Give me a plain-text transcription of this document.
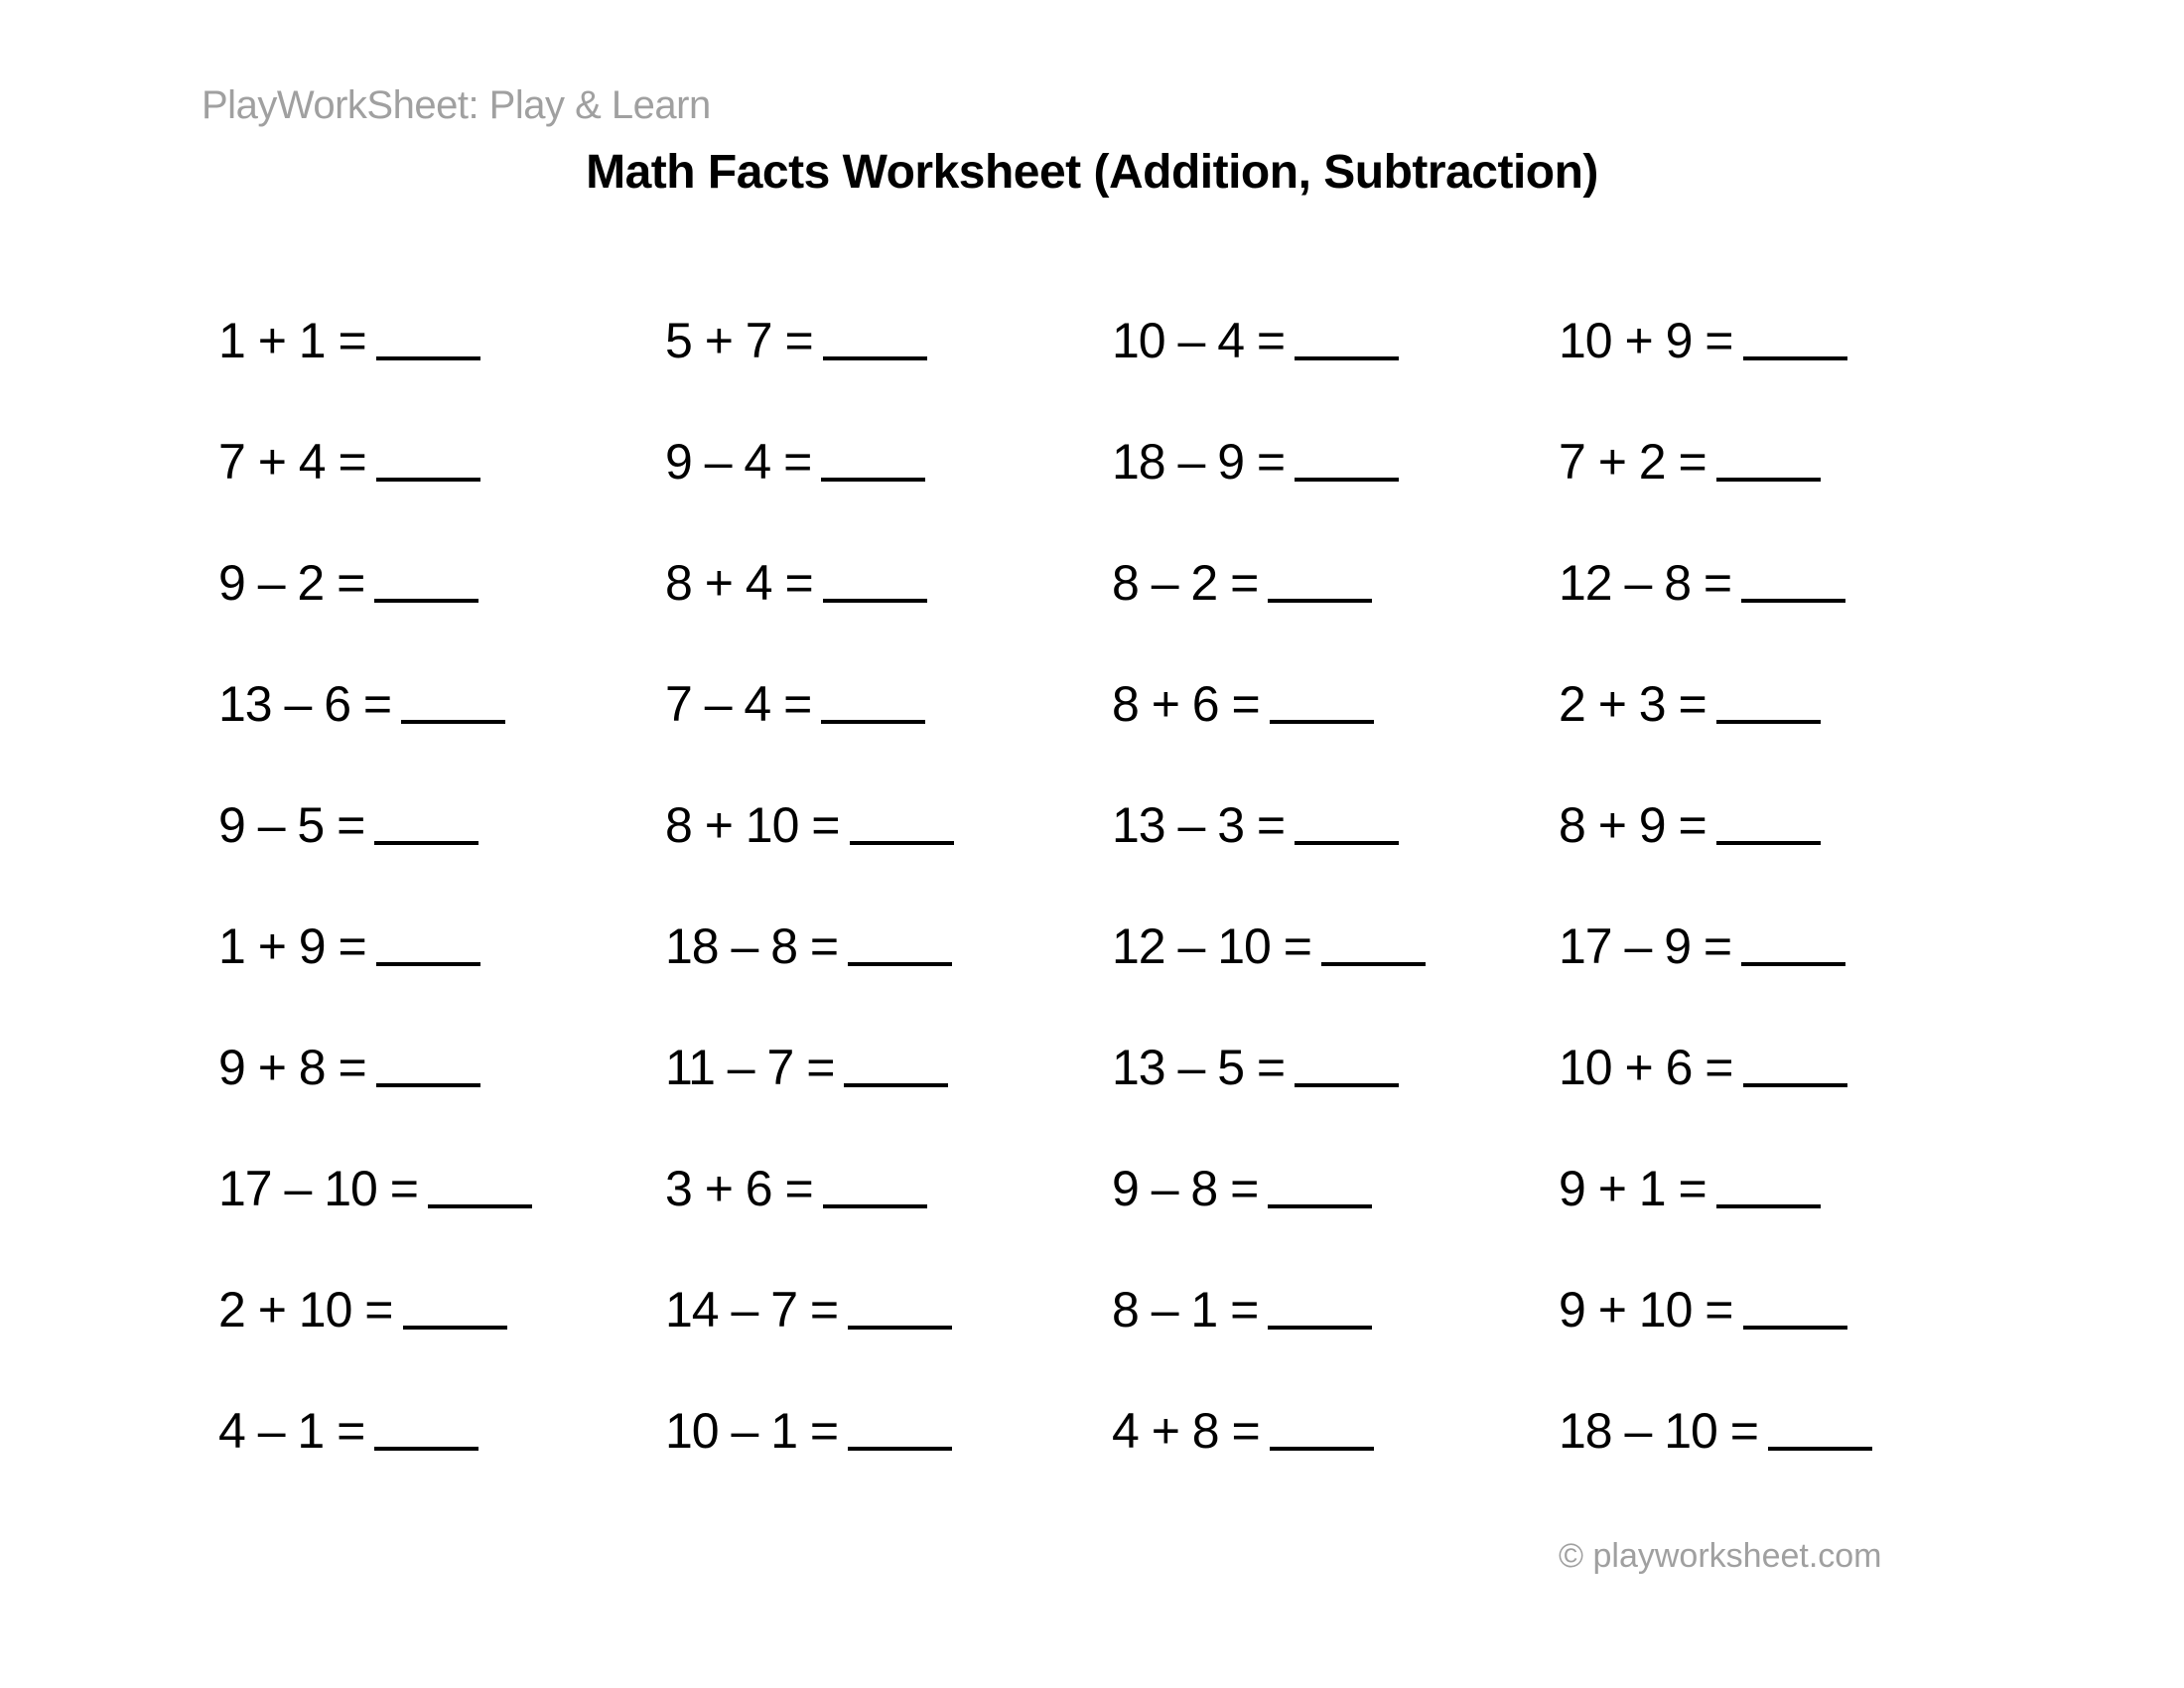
PlayWorkSheet: Play & Learn
Math Facts Worksheet (Addition, Subtraction)
1 + 1 =	5 + 7 =	10 – 4 =	10 + 9 =
7 + 4 =	9 – 4 =	18 – 9 =	7 + 2 =
9 – 2 =	8 + 4 =	8 – 2 =	12 – 8 =
13 – 6 =	7 – 4 =	8 + 6 =	2 + 3 =
9 – 5 =	8 + 10 =	13 – 3 =	8 + 9 =
1 + 9 =	18 – 8 =	12 – 10 =	17 – 9 =
9 + 8 =	11 – 7 =	13 – 5 =	10 + 6 =
17 – 10 =	3 + 6 =	9 – 8 =	9 + 1 =
2 + 10 =	14 – 7 =	8 – 1 =	9 + 10 =
4 – 1 =	10 – 1 =	4 + 8 =	18 – 10 =
© playworksheet.com
